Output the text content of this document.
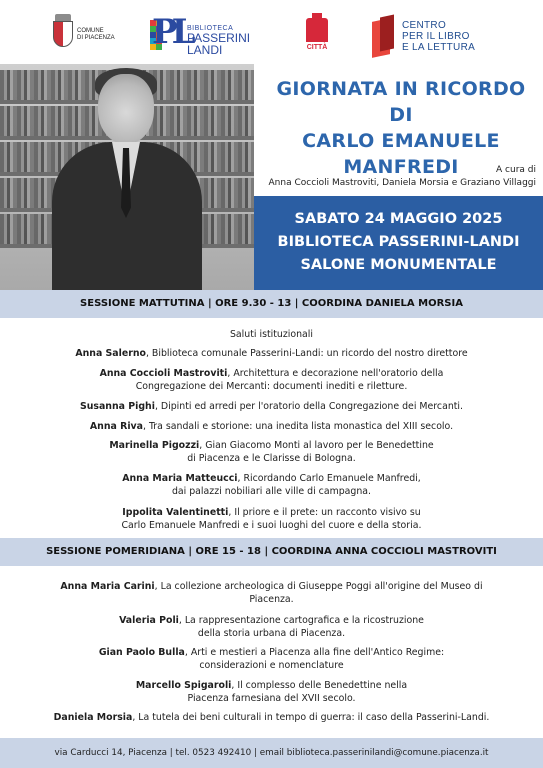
COMUNE
DI PIACENZA PL
BIBLIOTECA
PASSERINI
LANDI	CITTÀ
CENTRO
PER IL LIBRO
E LA LETTURA
GIORNATA IN RICORDO DI
CARLO EMANUELE
MANFREDI	A cura di
Anna Coccioli Mastroviti, Daniela Morsia e Graziano Villaggi
SABATO 24 MAGGIO 2025
BIBLIOTECA PASSERINI-LANDI
SALONE MONUMENTALE
SESSIONE MATTUTINA | ORE 9.30 - 13 | COORDINA DANIELA MORSIA
Saluti istituzionali
Anna Salerno, Biblioteca comunale Passerini-Landi: un ricordo del nostro direttore
Anna Coccioli Mastroviti, Architettura e decorazione nell'oratorio della
Congregazione dei Mercanti: documenti inediti e riletture.
Susanna Pighi, Dipinti ed arredi per l'oratorio della Congregazione dei Mercanti.
Anna Riva, Tra sandali e storione: una inedita lista monastica del XIII secolo.
Marinella Pigozzi, Gian Giacomo Monti al lavoro per le Benedettine
di Piacenza e le Clarisse di Bologna.
Anna Maria Matteucci, Ricordando Carlo Emanuele Manfredi,
dai palazzi nobiliari alle ville di campagna.
Ippolita Valentinetti, Il priore e il prete: un racconto visivo su
Carlo Emanuele Manfredi e i suoi luoghi del cuore e della storia.
SESSIONE POMERIDIANA | ORE 15 - 18 | COORDINA ANNA COCCIOLI MASTROVITI
Anna Maria Carini, La collezione archeologica di Giuseppe Poggi all'origine del Museo di
Piacenza.
Valeria Poli, La rappresentazione cartografica e la ricostruzione
della storia urbana di Piacenza.
Gian Paolo Bulla, Arti e mestieri a Piacenza alla fine dell'Antico Regime:
considerazioni e nomenclature
Marcello Spigaroli, Il complesso delle Benedettine nella
Piacenza farnesiana del XVII secolo.
Daniela Morsia, La tutela dei beni culturali in tempo di guerra: il caso della Passerini-Landi.
via Carducci 14, Piacenza | tel. 0523 492410 | email biblioteca.passerinilandi@comune.piacenza.it
